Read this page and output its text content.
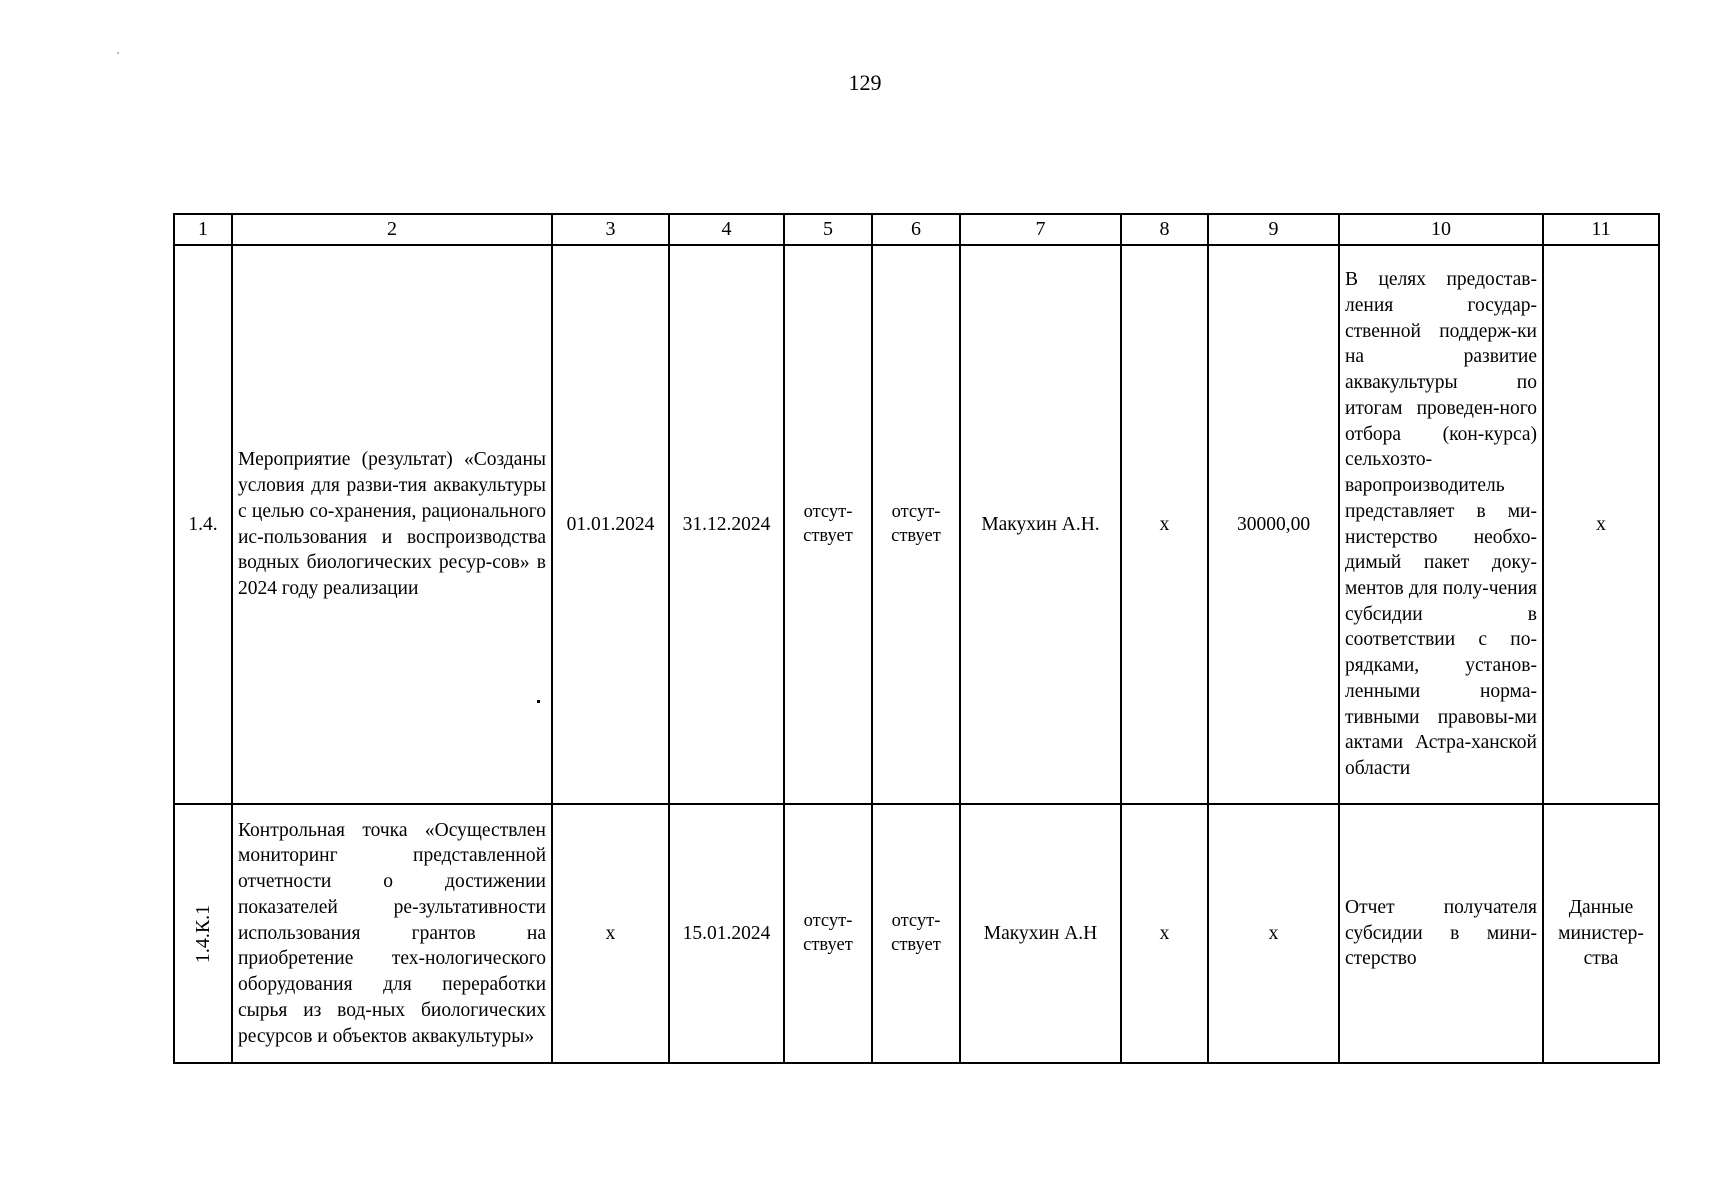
129
1	2	3	4	5	6	7	8	9	10	11
1.4.	Мероприятие (результат) «Созданы условия для разви-тия аквакультуры с целью со-хранения, рационального ис-пользования и воспроизводства водных биологических ресур-сов» в 2024 году реализации	01.01.2024	31.12.2024	отсут-ствует	отсут-ствует	Макухин А.Н.	х	30000,00	В целях предостав-ления государ-ственной поддерж-ки на развитие аквакультуры по итогам проведен-ного отбора (кон-курса) сельхозто-варопроизводитель представляет в ми-нистерство необхо-димый пакет доку-ментов для полу-чения субсидии в соответствии с по-рядками, установ-ленными норма-тивными правовы-ми актами Астра-ханской области	х

1.4.К.1	Контрольная точка «Осуществлен мониторинг представленной отчетности о достижении показателей ре-зультативности использования грантов на приобретение тех-нологического оборудования для переработки сырья из вод-ных биологических ресурсов и объектов аквакультуры»	х	15.01.2024	отсут-ствует	отсут-ствует	Макухин А.Н	х	х	Отчет получателя субсидии в мини-стерство	Данные министер-ства
